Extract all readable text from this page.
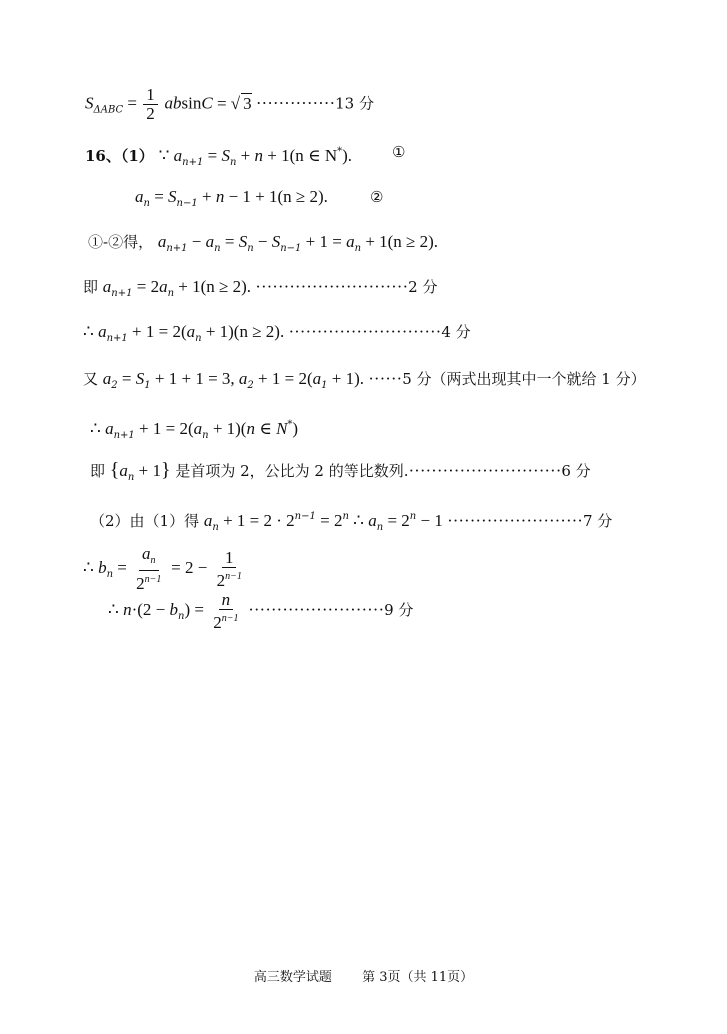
$S_{\Delta ABC} = \frac{1}{2}$ absinC = √ 3 ··············13 分
16、（1） ∵ $a_{n+1} = S_n + n + 1(n$ ∈ N*).	①
$a_n = S_{n-1} + n - 1 + 1(n \ge 2)$.	②
①-②得， $a_{n+1} - a_n = S_n - S_{n-1} + 1 = a_n + 1(n \ge 2)$.
即 $a_{n+1} = 2a_n + 1(n \ge 2)$. ···························2 分
∴ $a_{n+1} + 1 = 2(a_n + 1)(n \ge 2)$. ···························4 分
又 $a_2 = S_1 + 1 + 1 = 3$, $a_2 + 1 = 2(a_1 + 1)$. ······5 分（两式出现其中一个就给 1 分）
∴ $a_{n+1} + 1 = 2(a_n + 1)(n$ ∈ N*)
即 $\{a_n + 1\}$ 是首项为 2，公比为 2 的等比数列.···························6 分
（2）由（1）得 $a_n + 1 = 2 \cdot 2^{n-1} = 2^n$ ∴ $a_n = 2^n - 1 \cdot\cdot\cdot\cdot\cdot\cdot\cdot\cdot\cdot\cdot\cdot\cdot\cdot\cdot\cdot\cdot\cdot\cdot\cdot\cdot\cdot\cdot\cdot\cdot 7$ 分
∴ $b_n = \frac{a_n}{2^{n-1}} = 2 - \frac{1}{2^{n-1}}$
∴ $n\cdot(2 - b_n) = \frac{n}{2^{n-1}} \cdot\cdot\cdot\cdot\cdot\cdot\cdot\cdot\cdot\cdot\cdot\cdot\cdot\cdot\cdot\cdot\cdot\cdot\cdot\cdot\cdot\cdot\cdot\cdot 9$ 分
高三数学试题 第 3页（共 11页）
